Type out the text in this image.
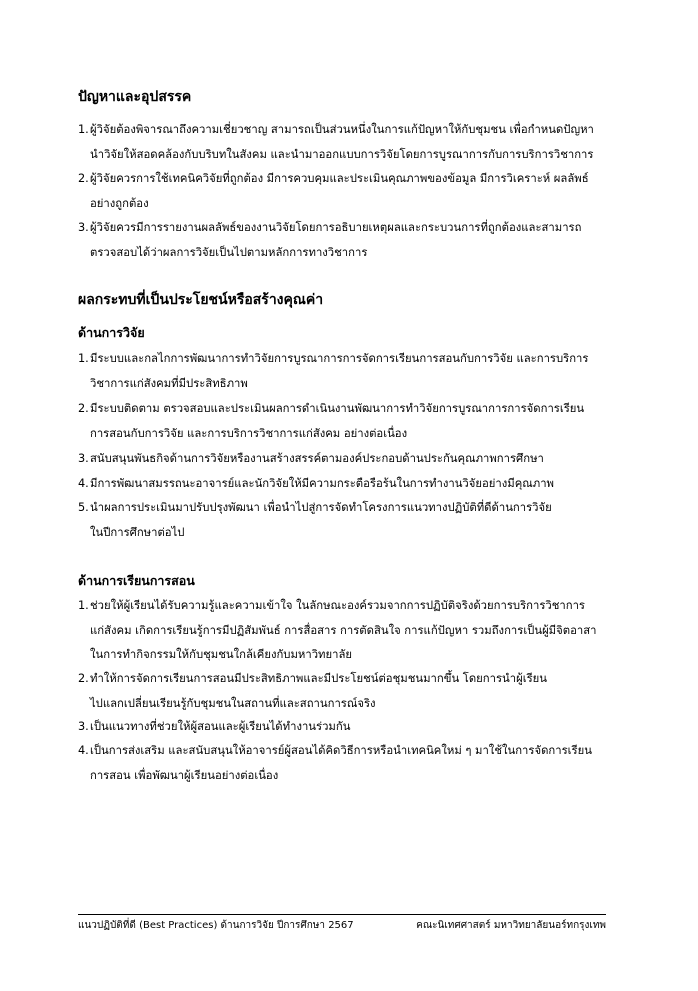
ปัญหาและอุปสรรค
1.ผู้วิจัยต้องพิจารณาถึงความเชี่ยวชาญ สามารถเป็นส่วนหนึ่งในการแก้ปัญหาให้กับชุมชน เพื่อกำหนดปัญหา
นำวิจัยให้สอดคล้องกับบริบทในสังคม และนำมาออกแบบการวิจัยโดยการบูรณาการกับการบริการวิชาการ
2.ผู้วิจัยควรการใช้เทคนิควิจัยที่ถูกต้อง มีการควบคุมและประเมินคุณภาพของข้อมูล มีการวิเคราะห์ ผลลัพธ์
อย่างถูกต้อง
3.ผู้วิจัยควรมีการรายงานผลลัพธ์ของงานวิจัยโดยการอธิบายเหตุผลและกระบวนการที่ถูกต้องและสามารถ
ตรวจสอบได้ว่าผลการวิจัยเป็นไปตามหลักการทางวิชาการ
ผลกระทบที่เป็นประโยชน์หรือสร้างคุณค่า
ด้านการวิจัย
1.มีระบบและกลไกการพัฒนาการทำวิจัยการบูรณาการการจัดการเรียนการสอนกับการวิจัย และการบริการ
วิชาการแก่สังคมที่มีประสิทธิภาพ
2.มีระบบติดตาม ตรวจสอบและประเมินผลการดำเนินงานพัฒนาการทำวิจัยการบูรณาการการจัดการเรียน
การสอนกับการวิจัย และการบริการวิชาการแก่สังคม อย่างต่อเนื่อง
3.สนับสนุนพันธกิจด้านการวิจัยหรืองานสร้างสรรค์ตามองค์ประกอบด้านประกันคุณภาพการศึกษา
4.มีการพัฒนาสมรรถนะอาจารย์และนักวิจัยให้มีความกระตือรือร้นในการทำงานวิจัยอย่างมีคุณภาพ
5.นำผลการประเมินมาปรับปรุงพัฒนา เพื่อนำไปสู่การจัดทำโครงการแนวทางปฏิบัติที่ดีด้านการวิจัย
ในปีการศึกษาต่อไป
ด้านการเรียนการสอน
1.ช่วยให้ผู้เรียนได้รับความรู้และความเข้าใจ ในลักษณะองค์รวมจากการปฏิบัติจริงด้วยการบริการวิชาการ
แก่สังคม เกิดการเรียนรู้การมีปฏิสัมพันธ์ การสื่อสาร การตัดสินใจ การแก้ปัญหา รวมถึงการเป็นผู้มีจิตอาสา
ในการทำกิจกรรมให้กับชุมชนใกล้เคียงกับมหาวิทยาลัย
2.ทำให้การจัดการเรียนการสอนมีประสิทธิภาพและมีประโยชน์ต่อชุมชนมากขึ้น โดยการนำผู้เรียน
ไปแลกเปลี่ยนเรียนรู้กับชุมชนในสถานที่และสถานการณ์จริง
3.เป็นแนวทางที่ช่วยให้ผู้สอนและผู้เรียนได้ทำงานร่วมกัน
4.เป็นการส่งเสริม และสนับสนุนให้อาจารย์ผู้สอนได้คิดวิธีการหรือนำเทคนิคใหม่ ๆ มาใช้ในการจัดการเรียน
การสอน เพื่อพัฒนาผู้เรียนอย่างต่อเนื่อง
แนวปฏิบัติที่ดี (Best Practices) ด้านการวิจัย ปีการศึกษา 2567	คณะนิเทศศาสตร์ มหาวิทยาลัยนอร์ทกรุงเทพ
